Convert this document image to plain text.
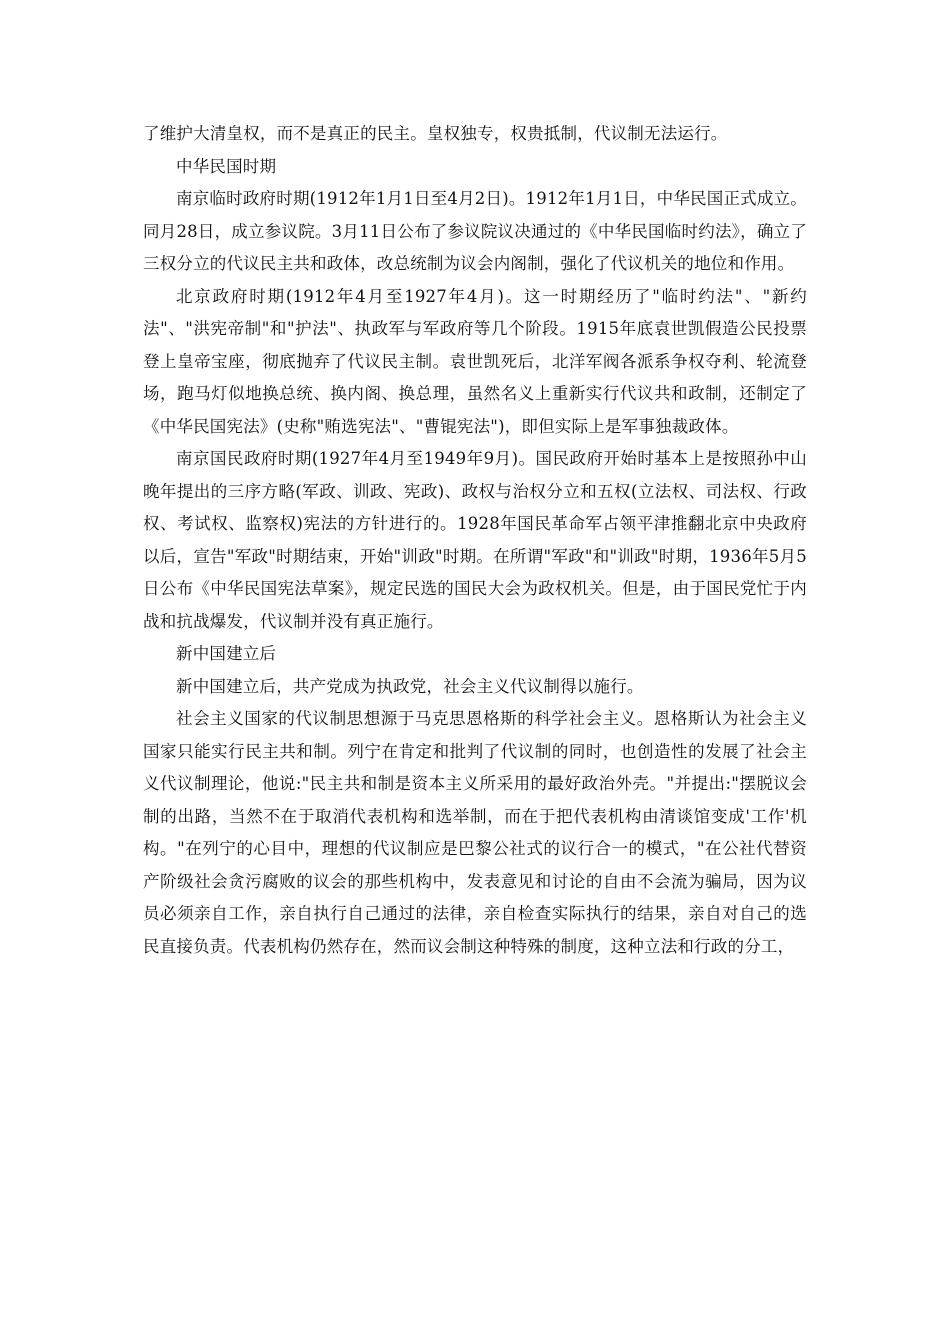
了维护大清皇权，而不是真正的民主。皇权独专，权贵抵制，代议制无法运行。

中华民国时期

南京临时政府时期(1912年1月1日至4月2日)。1912年1月1日，中华民国正式成立。同月28日，成立参议院。3月11日公布了参议院议决通过的《中华民国临时约法》，确立了三权分立的代议民主共和政体，改总统制为议会内阁制，强化了代议机关的地位和作用。

北京政府时期(1912年4月至1927年4月)。这一时期经历了"临时约法"、"新约法"、"洪宪帝制"和"护法"、执政军与军政府等几个阶段。1915年底袁世凯假造公民投票登上皇帝宝座，彻底抛弃了代议民主制。袁世凯死后，北洋军阀各派系争权夺利、轮流登场，跑马灯似地换总统、换内阁、换总理，虽然名义上重新实行代议共和政制，还制定了《中华民国宪法》(史称"贿选宪法"、"曹锟宪法")，即但实际上是军事独裁政体。

南京国民政府时期(1927年4月至1949年9月)。国民政府开始时基本上是按照孙中山晚年提出的三序方略(军政、训政、宪政)、政权与治权分立和五权(立法权、司法权、行政权、考试权、监察权)宪法的方针进行的。1928年国民革命军占领平津推翻北京中央政府以后，宣告"军政"时期结束，开始"训政"时期。在所谓"军政"和"训政"时期，1936年5月5日公布《中华民国宪法草案》，规定民选的国民大会为政权机关。但是，由于国民党忙于内战和抗战爆发，代议制并没有真正施行。

新中国建立后

新中国建立后，共产党成为执政党，社会主义代议制得以施行。

社会主义国家的代议制思想源于马克思恩格斯的科学社会主义。恩格斯认为社会主义国家只能实行民主共和制。列宁在肯定和批判了代议制的同时，也创造性的发展了社会主义代议制理论，他说:"民主共和制是资本主义所采用的最好政治外壳。"并提出:"摆脱议会制的出路，当然不在于取消代表机构和选举制，而在于把代表机构由清谈馆变成'工作'机构。"在列宁的心目中，理想的代议制应是巴黎公社式的议行合一的模式，"在公社代替资产阶级社会贪污腐败的议会的那些机构中，发表意见和讨论的自由不会流为骗局，因为议员必须亲自工作，亲自执行自己通过的法律，亲自检查实际执行的结果，亲自对自己的选民直接负责。代表机构仍然存在，然而议会制这种特殊的制度，这种立法和行政的分工，
